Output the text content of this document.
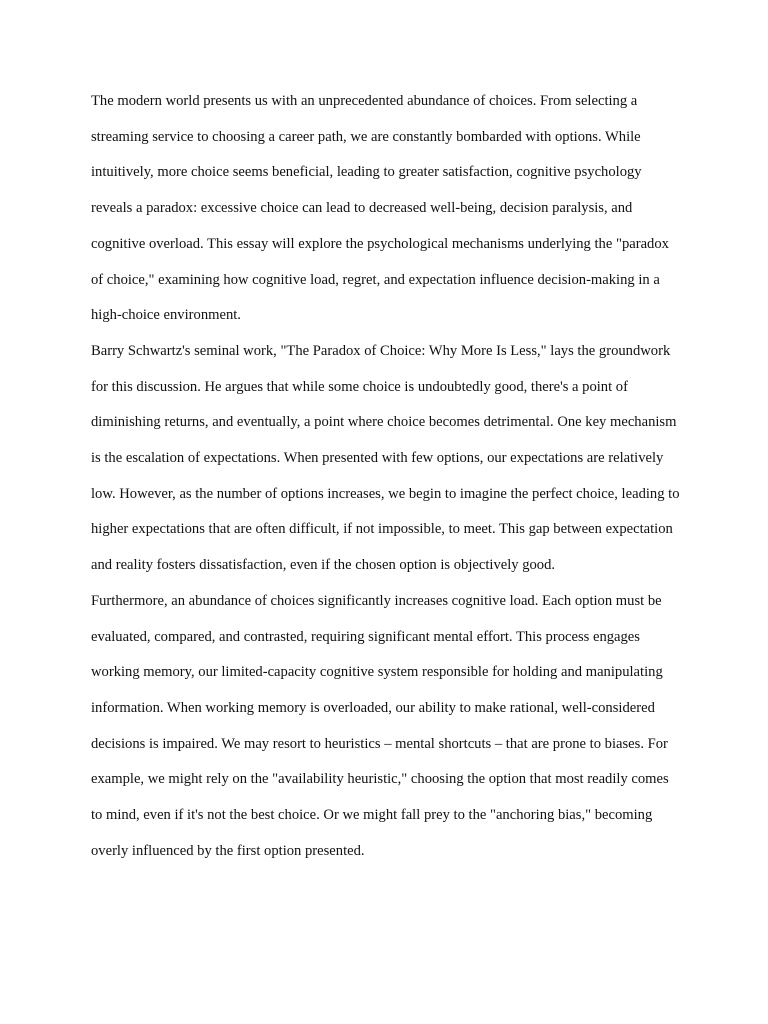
The modern world presents us with an unprecedented abundance of choices. From selecting a streaming service to choosing a career path, we are constantly bombarded with options. While intuitively, more choice seems beneficial, leading to greater satisfaction, cognitive psychology reveals a paradox: excessive choice can lead to decreased well-being, decision paralysis, and cognitive overload. This essay will explore the psychological mechanisms underlying the "paradox of choice," examining how cognitive load, regret, and expectation influence decision-making in a high-choice environment.

Barry Schwartz's seminal work, "The Paradox of Choice: Why More Is Less," lays the groundwork for this discussion. He argues that while some choice is undoubtedly good, there's a point of diminishing returns, and eventually, a point where choice becomes detrimental. One key mechanism is the escalation of expectations. When presented with few options, our expectations are relatively low. However, as the number of options increases, we begin to imagine the perfect choice, leading to higher expectations that are often difficult, if not impossible, to meet. This gap between expectation and reality fosters dissatisfaction, even if the chosen option is objectively good.

Furthermore, an abundance of choices significantly increases cognitive load. Each option must be evaluated, compared, and contrasted, requiring significant mental effort. This process engages working memory, our limited-capacity cognitive system responsible for holding and manipulating information. When working memory is overloaded, our ability to make rational, well-considered decisions is impaired. We may resort to heuristics – mental shortcuts – that are prone to biases. For example, we might rely on the "availability heuristic," choosing the option that most readily comes to mind, even if it's not the best choice. Or we might fall prey to the "anchoring bias," becoming overly influenced by the first option presented.
